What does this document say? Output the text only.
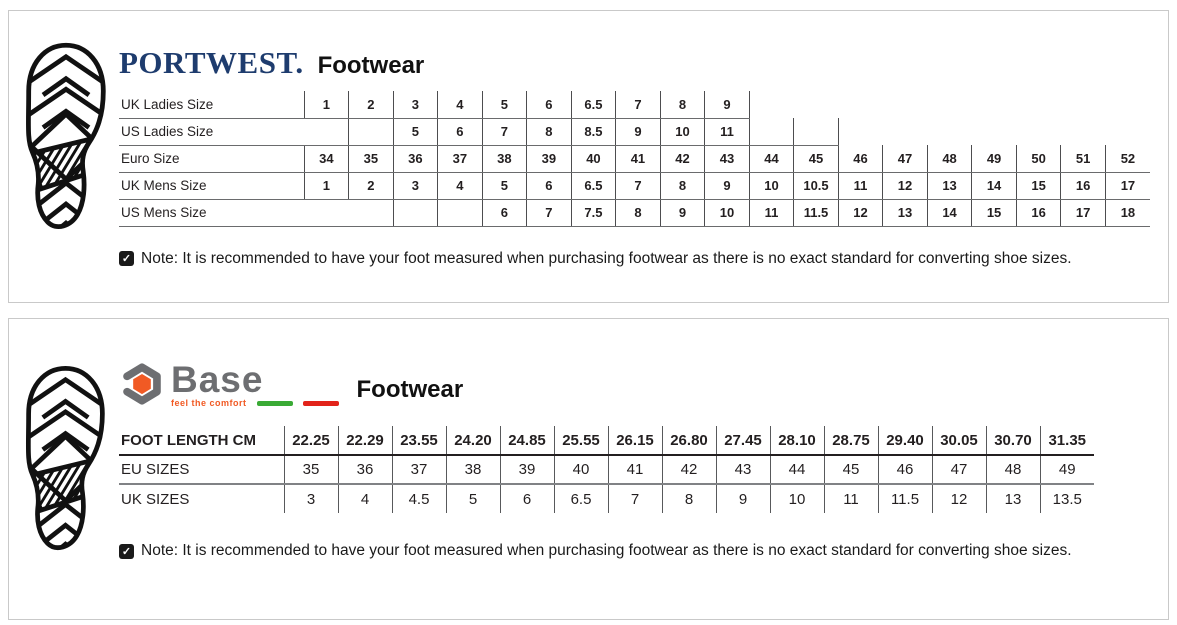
PORTWEST. Footwear
UK Ladies Size	1	2	3	4	5	6	6.5	7	8	9									
US Ladies Size			5	6	7	8	8.5	9	10	11									
Euro Size	34	35	36	37	38	39	40	41	42	43	44	45	46	47	48	49	50	51	52
UK Mens Size	1	2	3	4	5	6	6.5	7	8	9	10	10.5	11	12	13	14	15	16	17
US Mens Size					6	7	7.5	8	9	10	11	11.5	12	13	14	15	16	17	18

✓ Note: It is recommended to have your foot measured when purchasing footwear as there is no exact standard for converting shoe sizes.

Base
feel the comfort
Footwear
FOOT LENGTH CM	22.25	22.29	23.55	24.20	24.85	25.55	26.15	26.80	27.45	28.10	28.75	29.40	30.05	30.70	31.35
EU SIZES	35	36	37	38	39	40	41	42	43	44	45	46	47	48	49
UK SIZES	3	4	4.5	5	6	6.5	7	8	9	10	11	11.5	12	13	13.5

✓ Note: It is recommended to have your foot measured when purchasing footwear as there is no exact standard for converting shoe sizes.
